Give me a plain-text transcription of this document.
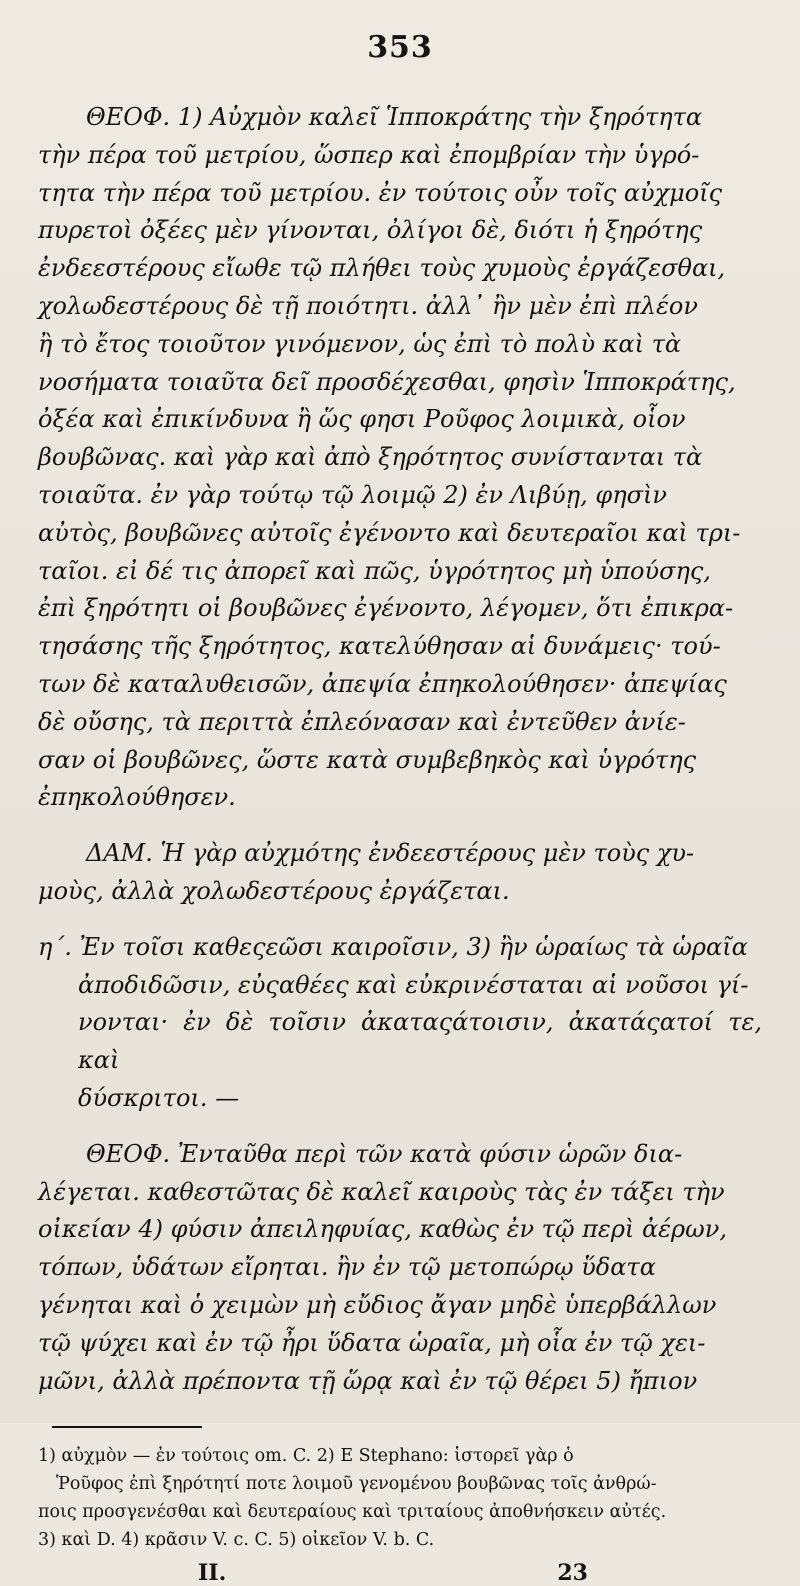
353

ΘΕΟΦ. 1) Αὐχμὸν καλεῖ Ἱπποκράτης τὴν ξηρότητα
τὴν πέρα τοῦ μετρίου, ὥσπερ καὶ ἐπομβρίαν τὴν ὑγρό-
τητα τὴν πέρα τοῦ μετρίου. ἐν τούτοις οὖν τοῖς αὐχμοῖς
πυρετοὶ ὀξέες μὲν γίνονται, ὀλίγοι δὲ, διότι ἡ ξηρότης
ἐνδεεστέρους εἴωθε τῷ πλήθει τοὺς χυμοὺς ἐργάζεσθαι,
χολωδεστέρους δὲ τῇ ποιότητι. ἀλλ᾽ ἢν μὲν ἐπὶ πλέον
ἢ τὸ ἔτος τοιοῦτον γινόμενον, ὡς ἐπὶ τὸ πολὺ καὶ τὰ
νοσήματα τοιαῦτα δεῖ προσδέχεσθαι, φησὶν Ἱπποκράτης,
ὀξέα καὶ ἐπικίνδυνα ἢ ὥς φησι Ροῦφος λοιμικὰ, οἷον
βουβῶνας. καὶ γὰρ καὶ ἀπὸ ξηρότητος συνίστανται τὰ
τοιαῦτα. ἐν γὰρ τούτῳ τῷ λοιμῷ 2) ἐν Λιβύῃ, φησὶν
αὐτὸς, βουβῶνες αὐτοῖς ἐγένοντο καὶ δευτεραῖοι καὶ τρι-
ταῖοι. εἰ δέ τις ἀπορεῖ καὶ πῶς, ὑγρότητος μὴ ὑπούσης,
ἐπὶ ξηρότητι οἱ βουβῶνες ἐγένοντο, λέγομεν, ὅτι ἐπικρα-
τησάσης τῆς ξηρότητος, κατελύθησαν αἱ δυνάμεις· τού-
των δὲ καταλυθεισῶν, ἀπεψία ἐπηκολούθησεν· ἀπεψίας
δὲ οὔσης, τὰ περιττὰ ἐπλεόνασαν καὶ ἐντεῦθεν ἀνίε-
σαν οἱ βουβῶνες, ὥστε κατὰ συμβεβηκὸς καὶ ὑγρότης
ἐπηκολούθησεν.

ΔΑΜ. Ἡ γὰρ αὐχμότης ἐνδεεστέρους μὲν τοὺς χυ-
μοὺς, ἀλλὰ χολωδεστέρους ἐργάζεται.

η΄. Ἐν τοῖσι καθεςεῶσι καιροῖσιν, 3) ἢν ὡραίως τὰ ὡραῖα
ἀποδιδῶσιν, εὐςαθέες καὶ εὐκρινέσταται αἱ νοῦσοι γί-
νονται· ἐν δὲ τοῖσιν ἀκαταςάτοισιν, ἀκατάςατοί τε, καὶ
δύσκριτοι. —

ΘΕΟΦ. Ἐνταῦθα περὶ τῶν κατὰ φύσιν ὡρῶν δια-
λέγεται. καθεστῶτας δὲ καλεῖ καιροὺς τὰς ἐν τάξει τὴν
οἰκείαν 4) φύσιν ἀπειληφυίας, καθὼς ἐν τῷ περὶ ἀέρων,
τόπων, ὑδάτων εἴρηται. ἢν ἐν τῷ μετοπώρῳ ὕδατα
γένηται καὶ ὁ χειμὼν μὴ εὔδιος ἄγαν μηδὲ ὑπερβάλλων
τῷ ψύχει καὶ ἐν τῷ ἦρι ὕδατα ὡραῖα, μὴ οἷα ἐν τῷ χει-
μῶνι, ἀλλὰ πρέποντα τῇ ὥρᾳ καὶ ἐν τῷ θέρει 5) ἤπιον

1) αὐχμὸν — ἐν τούτοις om. C. 2) E Stephano: ἱστορεῖ γὰρ ὁ
Ῥοῦφος ἐπὶ ξηρότητί ποτε λοιμοῦ γενομένου βουβῶνας τοῖς ἀνθρώ-
ποις προσγενέσθαι καὶ δευτεραίους καὶ τριταίους ἀποθνήσκειν αὐτές.
3) καὶ D. 4) κρᾶσιν V. c. C. 5) οἰκεῖον V. b. C.
II.	23
